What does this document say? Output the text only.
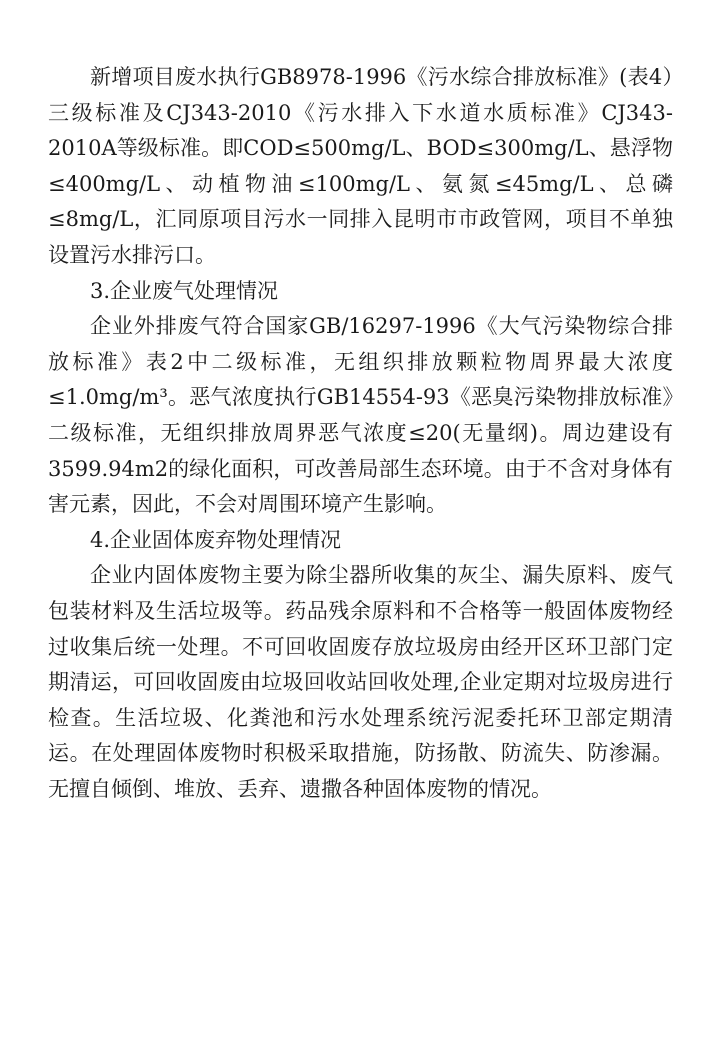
新增项目废水执行GB8978-1996《污水综合排放标准》(表4）三级标准及CJ343-2010《污水排入下水道水质标准》CJ343-2010A等级标准。即COD≤500mg/L、BOD≤300mg/L、悬浮物≤400mg/L、动植物油≤100mg/L、氨氮≤45mg/L、总磷≤8mg/L，汇同原项目污水一同排入昆明市市政管网，项目不单独设置污水排污口。

3.企业废气处理情况

企业外排废气符合国家GB/16297-1996《大气污染物综合排放标准》表2中二级标准，无组织排放颗粒物周界最大浓度≤1.0mg/m³。恶气浓度执行GB14554-93《恶臭污染物排放标准》二级标准，无组织排放周界恶气浓度≤20(无量纲)。周边建设有3599.94m2的绿化面积，可改善局部生态环境。由于不含对身体有害元素，因此，不会对周围环境产生影响。

4.企业固体废弃物处理情况

企业内固体废物主要为除尘器所收集的灰尘、漏失原料、废气包装材料及生活垃圾等。药品残余原料和不合格等一般固体废物经过收集后统一处理。不可回收固废存放垃圾房由经开区环卫部门定期清运，可回收固废由垃圾回收站回收处理,企业定期对垃圾房进行检查。生活垃圾、化粪池和污水处理系统污泥委托环卫部定期清运。在处理固体废物时积极采取措施，防扬散、防流失、防渗漏。无擅自倾倒、堆放、丢弃、遗撒各种固体废物的情况。
